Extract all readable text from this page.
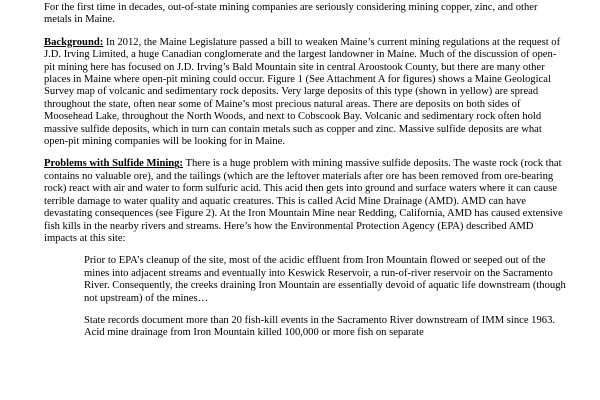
For the first time in decades, out-of-state mining companies are seriously considering mining copper, zinc, and other metals in Maine.

Background: In 2012, the Maine Legislature passed a bill to weaken Maine’s current mining regulations at the request of J.D. Irving Limited, a huge Canadian conglomerate and the largest landowner in Maine. Much of the discussion of open-pit mining here has focused on J.D. Irving’s Bald Mountain site in central Aroostook County, but there are many other places in Maine where open-pit mining could occur. Figure 1 (See Attachment A for figures) shows a Maine Geological Survey map of volcanic and sedimentary rock deposits. Very large deposits of this type (shown in yellow) are spread throughout the state, often near some of Maine’s most precious natural areas. There are deposits on both sides of Moosehead Lake, throughout the North Woods, and next to Cobscook Bay. Volcanic and sedimentary rock often hold massive sulfide deposits, which in turn can contain metals such as copper and zinc. Massive sulfide deposits are what open-pit mining companies will be looking for in Maine.

Problems with Sulfide Mining: There is a huge problem with mining massive sulfide deposits. The waste rock (rock that contains no valuable ore), and the tailings (which are the leftover materials after ore has been removed from ore-bearing rock) react with air and water to form sulfuric acid. This acid then gets into ground and surface waters where it can cause terrible damage to water quality and aquatic creatures. This is called Acid Mine Drainage (AMD). AMD can have devastating consequences (see Figure 2). At the Iron Mountain Mine near Redding, California, AMD has caused extensive fish kills in the nearby rivers and streams. Here’s how the Environmental Protection Agency (EPA) described AMD impacts at this site:

Prior to EPA’s cleanup of the site, most of the acidic effluent from Iron Mountain flowed or seeped out of the mines into adjacent streams and eventually into Keswick Reservoir, a run-of-river reservoir on the Sacramento River. Consequently, the creeks draining Iron Mountain are essentially devoid of aquatic life downstream (though not upstream) of the mines…

State records document more than 20 fish-kill events in the Sacramento River downstream of IMM since 1963. Acid mine drainage from Iron Mountain killed 100,000 or more fish on separate
